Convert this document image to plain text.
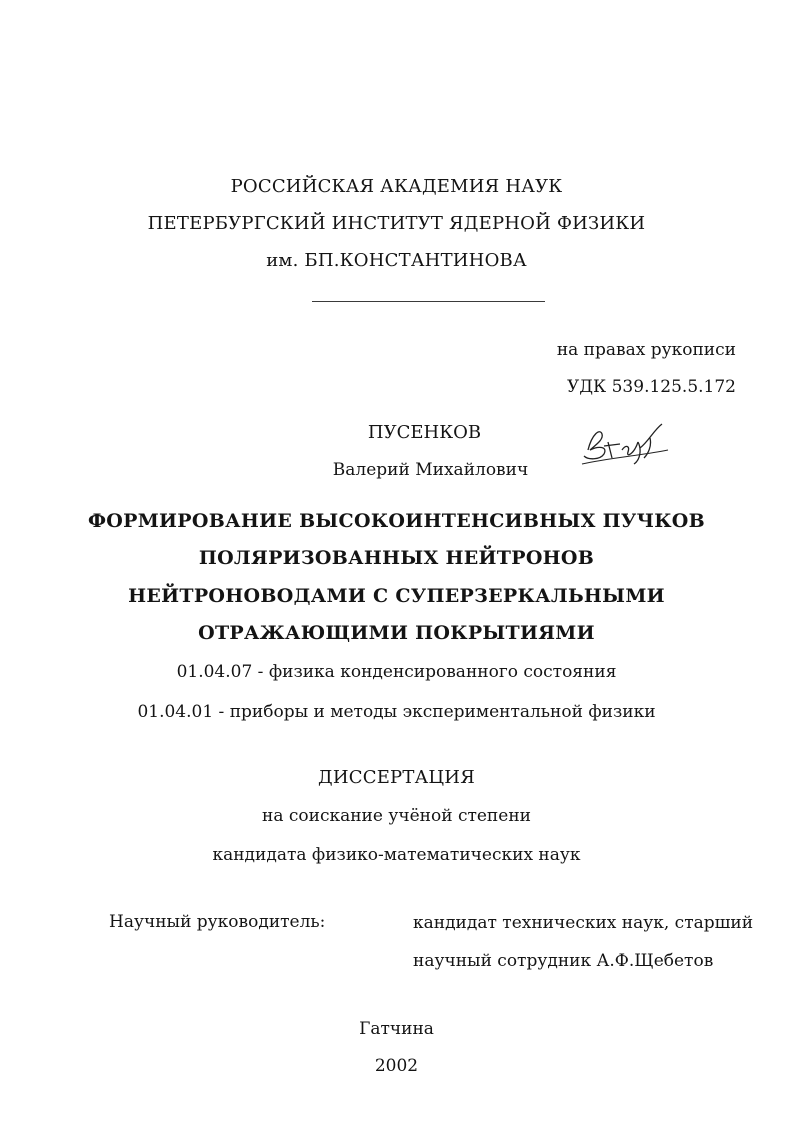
РОССИЙСКАЯ АКАДЕМИЯ НАУК
ПЕТЕРБУРГСКИЙ ИНСТИТУТ ЯДЕРНОЙ ФИЗИКИ
им. БП.КОНСТАНТИНОВА
на правах рукописи
УДК 539.125.5.172
ПУСЕНКОВ
Валерий Михайлович
ФОРМИРОВАНИЕ ВЫСОКОИНТЕНСИВНЫХ ПУЧКОВ
ПОЛЯРИЗОВАННЫХ НЕЙТРОНОВ
НЕЙТРОНОВОДАМИ С СУПЕРЗЕРКАЛЬНЫМИ
ОТРАЖАЮЩИМИ ПОКРЫТИЯМИ
01.04.07 - физика конденсированного состояния
01.04.01 - приборы и методы экспериментальной физики
ДИССЕРТАЦИЯ
на соискание учёной степени
кандидата физико-математических наук
Научный руководитель:	кандидат технических наук, старший
научный сотрудник А.Ф.Щебетов
Гатчина
2002
